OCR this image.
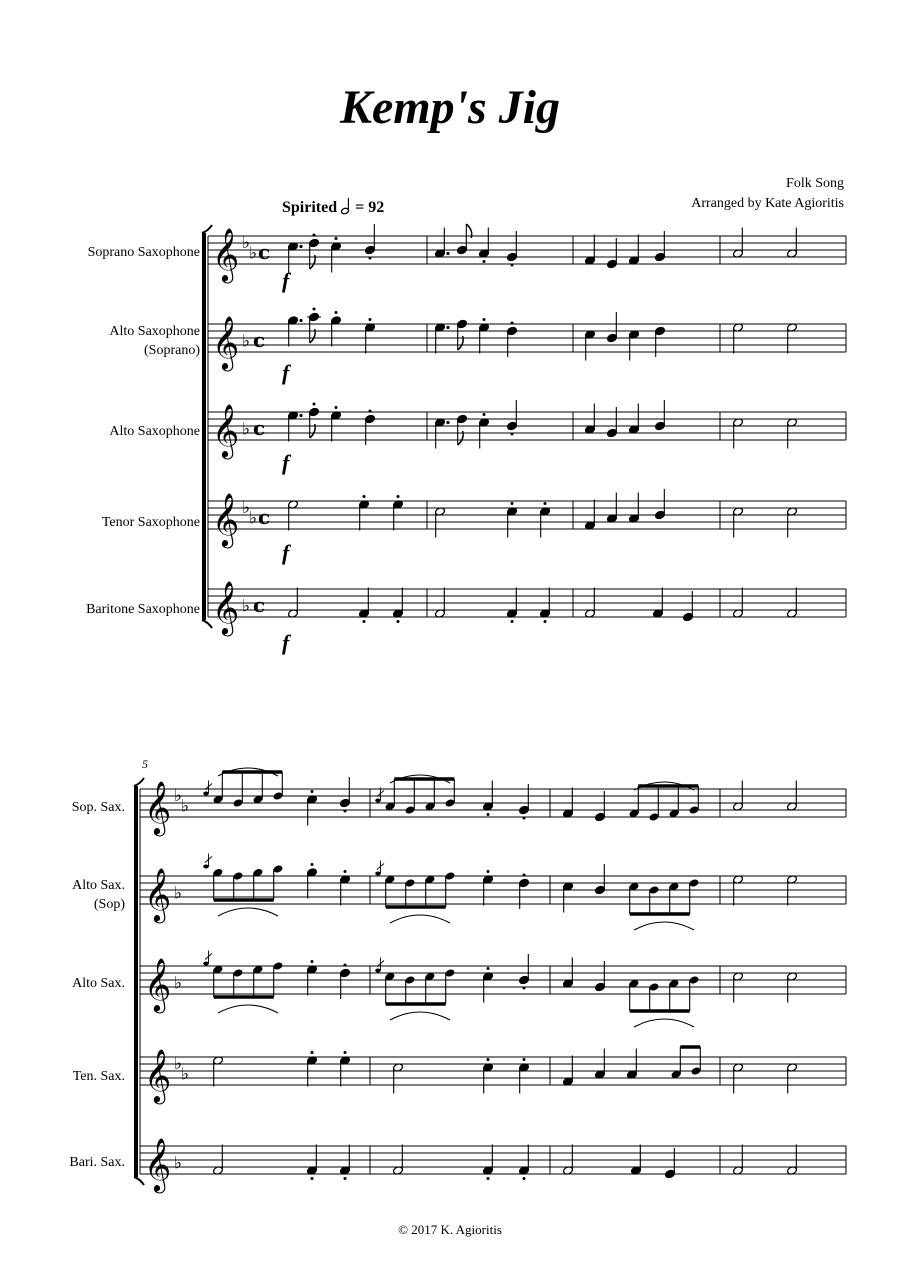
𝄞 ♭
♭ c
𝄞 ♭ c
𝄞 ♭ c
𝄞 ♭
♭ c
𝄞 ♭ c
𝄞 ♭
♭
𝄞 ♭
𝄞 ♭
𝄞 ♭
♭
𝄞 ♭
Kemp's Jig
Folk Song
Arranged by Kate Agioritis
Spirited = 92
Soprano Saxophone
Alto Saxophone
(Soprano)
Alto Saxophone
Tenor Saxophone
Baritone Saxophone
f
f
f
f
f
5
Sop. Sax.
Alto Sax.
(Sop)
Alto Sax.
Ten. Sax.
Bari. Sax.
© 2017 K. Agioritis
